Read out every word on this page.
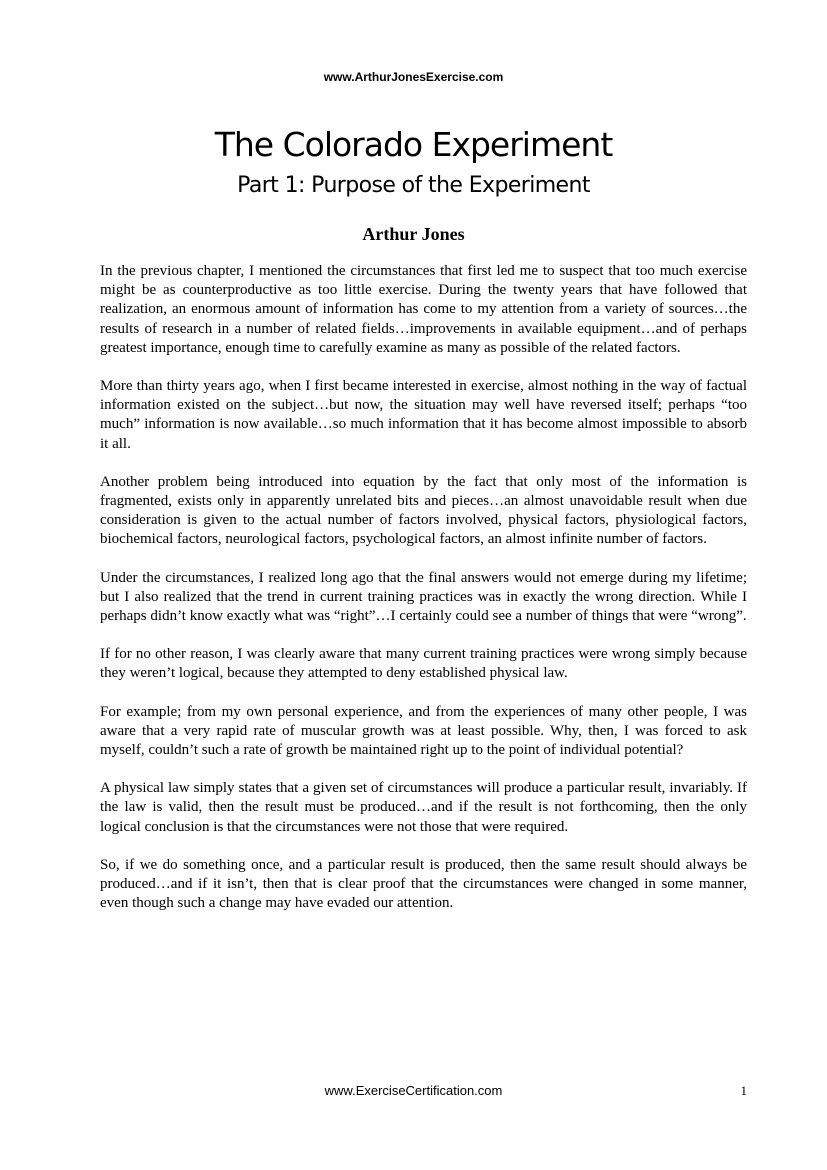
www.ArthurJonesExercise.com
The Colorado Experiment
Part 1: Purpose of the Experiment
Arthur Jones

In the previous chapter, I mentioned the circumstances that first led me to suspect that too much exercise might be as counterproductive as too little exercise. During the twenty years that have followed that realization, an enormous amount of information has come to my attention from a variety of sources…the results of research in a number of related fields…improvements in available equipment…and of perhaps greatest importance, enough time to carefully examine as many as possible of the related factors.

More than thirty years ago, when I first became interested in exercise, almost nothing in the way of factual information existed on the subject…but now, the situation may well have reversed itself; perhaps “too much” information is now available…so much information that it has become almost impossible to absorb it all.

Another problem being introduced into equation by the fact that only most of the information is fragmented, exists only in apparently unrelated bits and pieces…an almost unavoidable result when due consideration is given to the actual number of factors involved, physical factors, physiological factors, biochemical factors, neurological factors, psychological factors, an almost infinite number of factors.

Under the circumstances, I realized long ago that the final answers would not emerge during my lifetime; but I also realized that the trend in current training practices was in exactly the wrong direction. While I perhaps didn’t know exactly what was “right”…I certainly could see a number of things that were “wrong”.

If for no other reason, I was clearly aware that many current training practices were wrong simply because they weren’t logical, because they attempted to deny established physical law.

For example; from my own personal experience, and from the experiences of many other people, I was aware that a very rapid rate of muscular growth was at least possible. Why, then, I was forced to ask myself, couldn’t such a rate of growth be maintained right up to the point of individual potential?

A physical law simply states that a given set of circumstances will produce a particular result, invariably. If the law is valid, then the result must be produced…and if the result is not forthcoming, then the only logical conclusion is that the circumstances were not those that were required.

So, if we do something once, and a particular result is produced, then the same result should always be produced…and if it isn’t, then that is clear proof that the circumstances were changed in some manner, even though such a change may have evaded our attention.

www.ExerciseCertification.com	1
